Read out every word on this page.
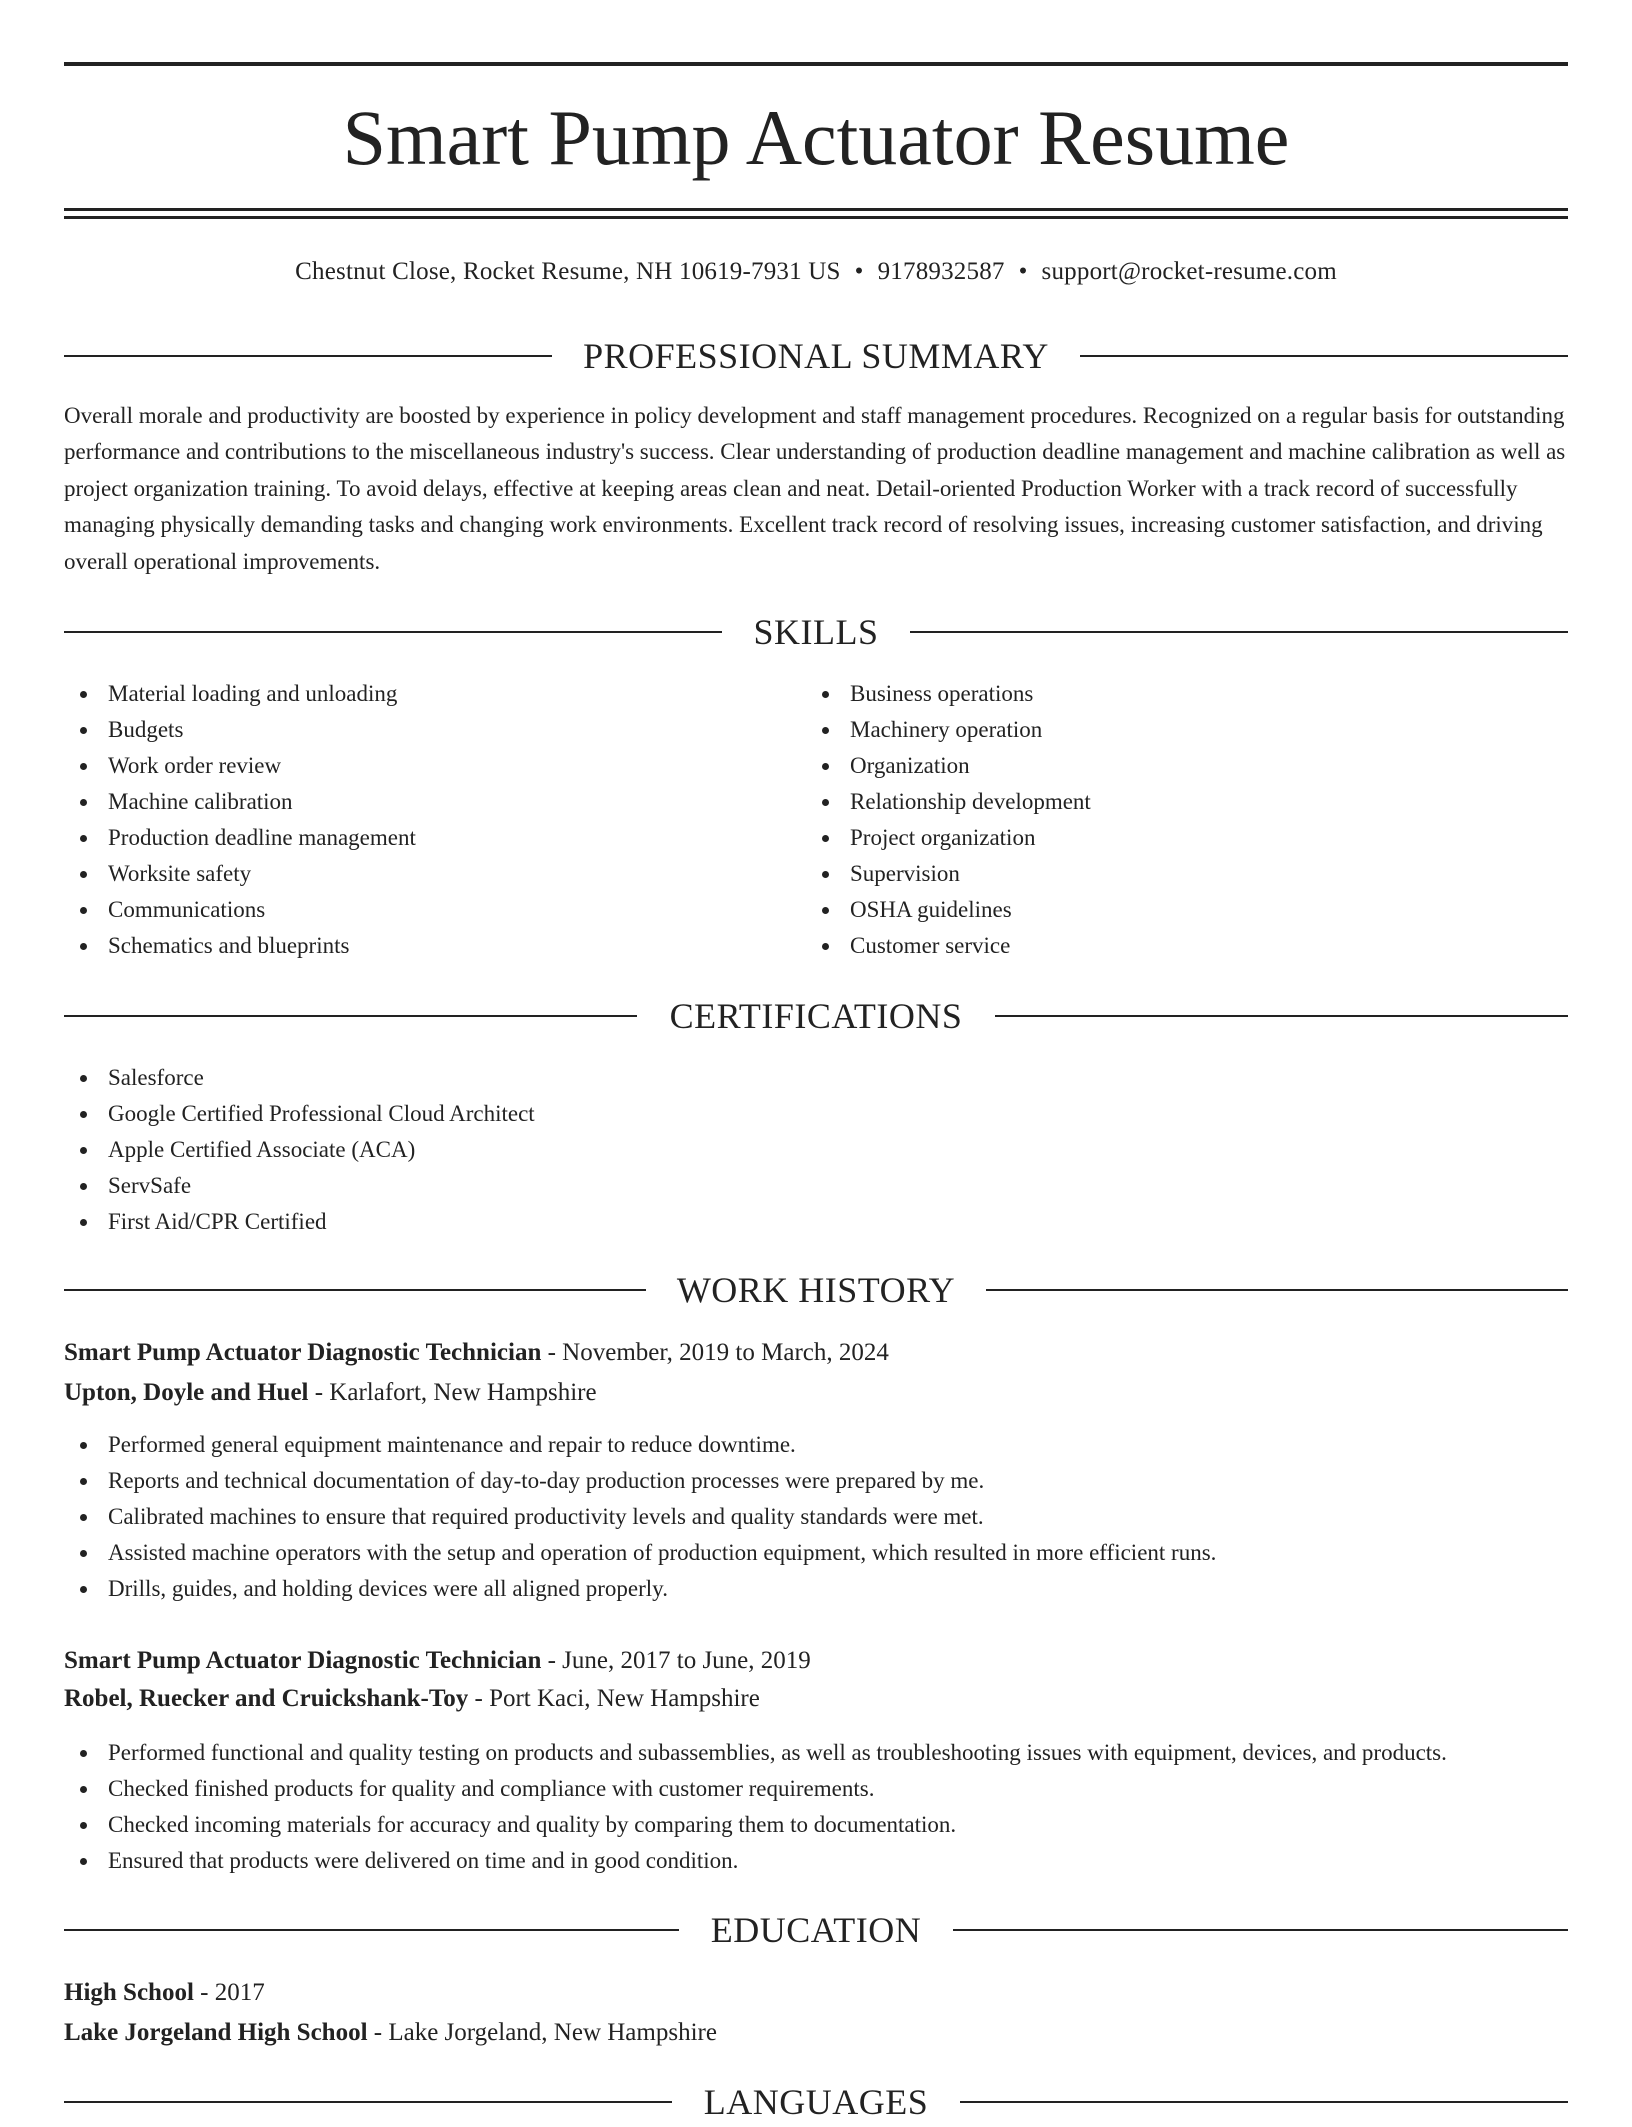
Smart Pump Actuator Resume
Chestnut Close, Rocket Resume, NH 10619-7931 US • 9178932587 • support@rocket-resume.com
PROFESSIONAL SUMMARY

Overall morale and productivity are boosted by experience in policy development and staff management procedures. Recognized on a regular basis for outstanding performance and contributions to the miscellaneous industry's success. Clear understanding of production deadline management and machine calibration as well as project organization training. To avoid delays, effective at keeping areas clean and neat. Detail-oriented Production Worker with a track record of successfully managing physically demanding tasks and changing work environments. Excellent track record of resolving issues, increasing customer satisfaction, and driving overall operational improvements.

SKILLS
Material loading and unloading
Budgets
Work order review
Machine calibration
Production deadline management
Worksite safety
Communications
Schematics and blueprints
Business operations
Machinery operation
Organization
Relationship development
Project organization
Supervision
OSHA guidelines
Customer service
CERTIFICATIONS
Salesforce
Google Certified Professional Cloud Architect
Apple Certified Associate (ACA)
ServSafe
First Aid/CPR Certified
WORK HISTORY
Smart Pump Actuator Diagnostic Technician - November, 2019 to March, 2024
Upton, Doyle and Huel - Karlafort, New Hampshire
Performed general equipment maintenance and repair to reduce downtime.
Reports and technical documentation of day-to-day production processes were prepared by me.
Calibrated machines to ensure that required productivity levels and quality standards were met.
Assisted machine operators with the setup and operation of production equipment, which resulted in more efficient runs.
Drills, guides, and holding devices were all aligned properly.
Smart Pump Actuator Diagnostic Technician - June, 2017 to June, 2019
Robel, Ruecker and Cruickshank-Toy - Port Kaci, New Hampshire
Performed functional and quality testing on products and subassemblies, as well as troubleshooting issues with equipment, devices, and products.
Checked finished products for quality and compliance with customer requirements.
Checked incoming materials for accuracy and quality by comparing them to documentation.
Ensured that products were delivered on time and in good condition.
EDUCATION
High School - 2017
Lake Jorgeland High School - Lake Jorgeland, New Hampshire
LANGUAGES
